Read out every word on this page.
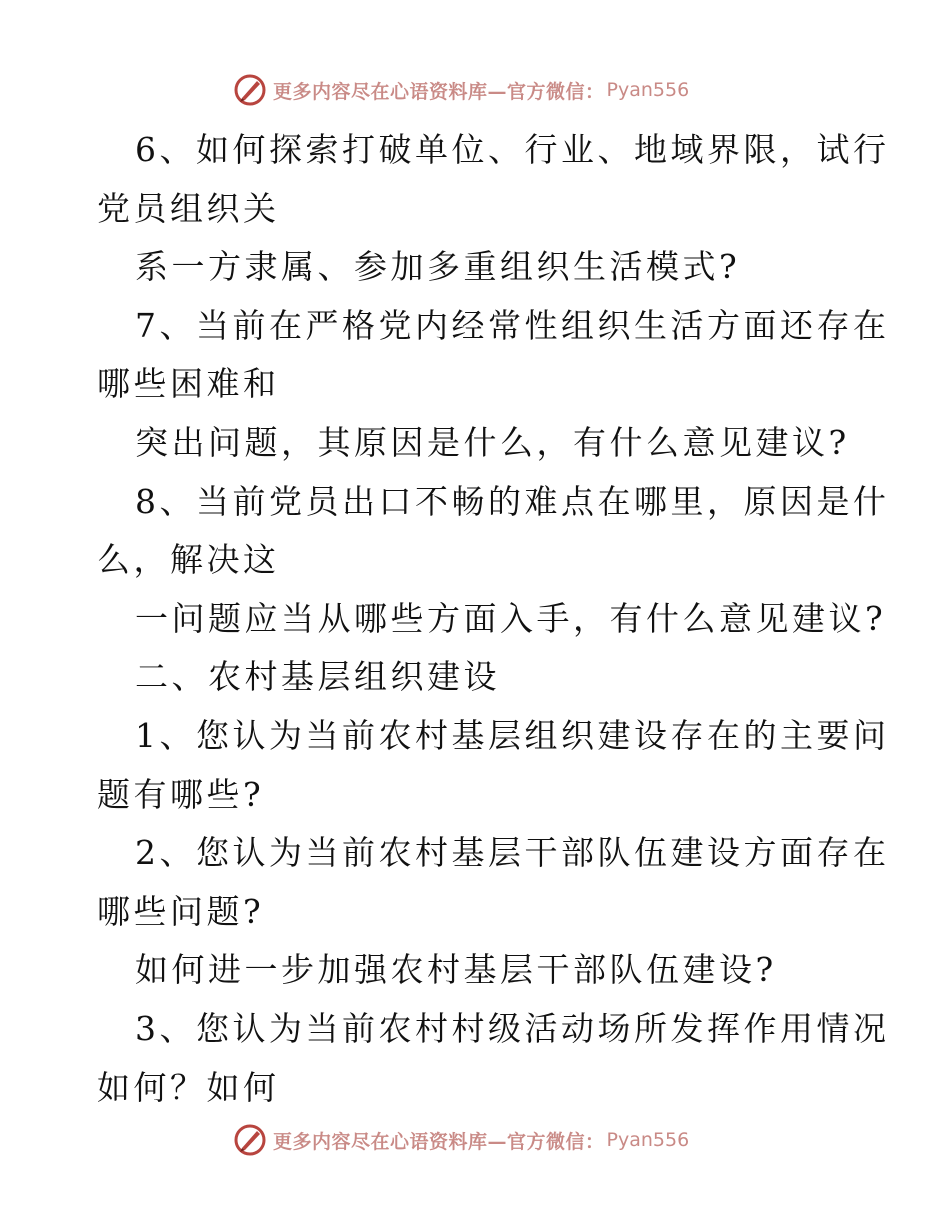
更多内容尽在心语资料库—官方微信： Pyan556
6、如何探索打破单位、行业、地域界限，试行
党员组织关
系一方隶属、参加多重组织生活模式?
7、当前在严格党内经常性组织生活方面还存在
哪些困难和
突出问题，其原因是什么，有什么意见建议?
8、当前党员出口不畅的难点在哪里，原因是什
么，解决这
一问题应当从哪些方面入手，有什么意见建议?
二、农村基层组织建设
1、您认为当前农村基层组织建设存在的主要问
题有哪些?
2、您认为当前农村基层干部队伍建设方面存在
哪些问题?
如何进一步加强农村基层干部队伍建设?
3、您认为当前农村村级活动场所发挥作用情况
如何？如何
更多内容尽在心语资料库—官方微信： Pyan556
